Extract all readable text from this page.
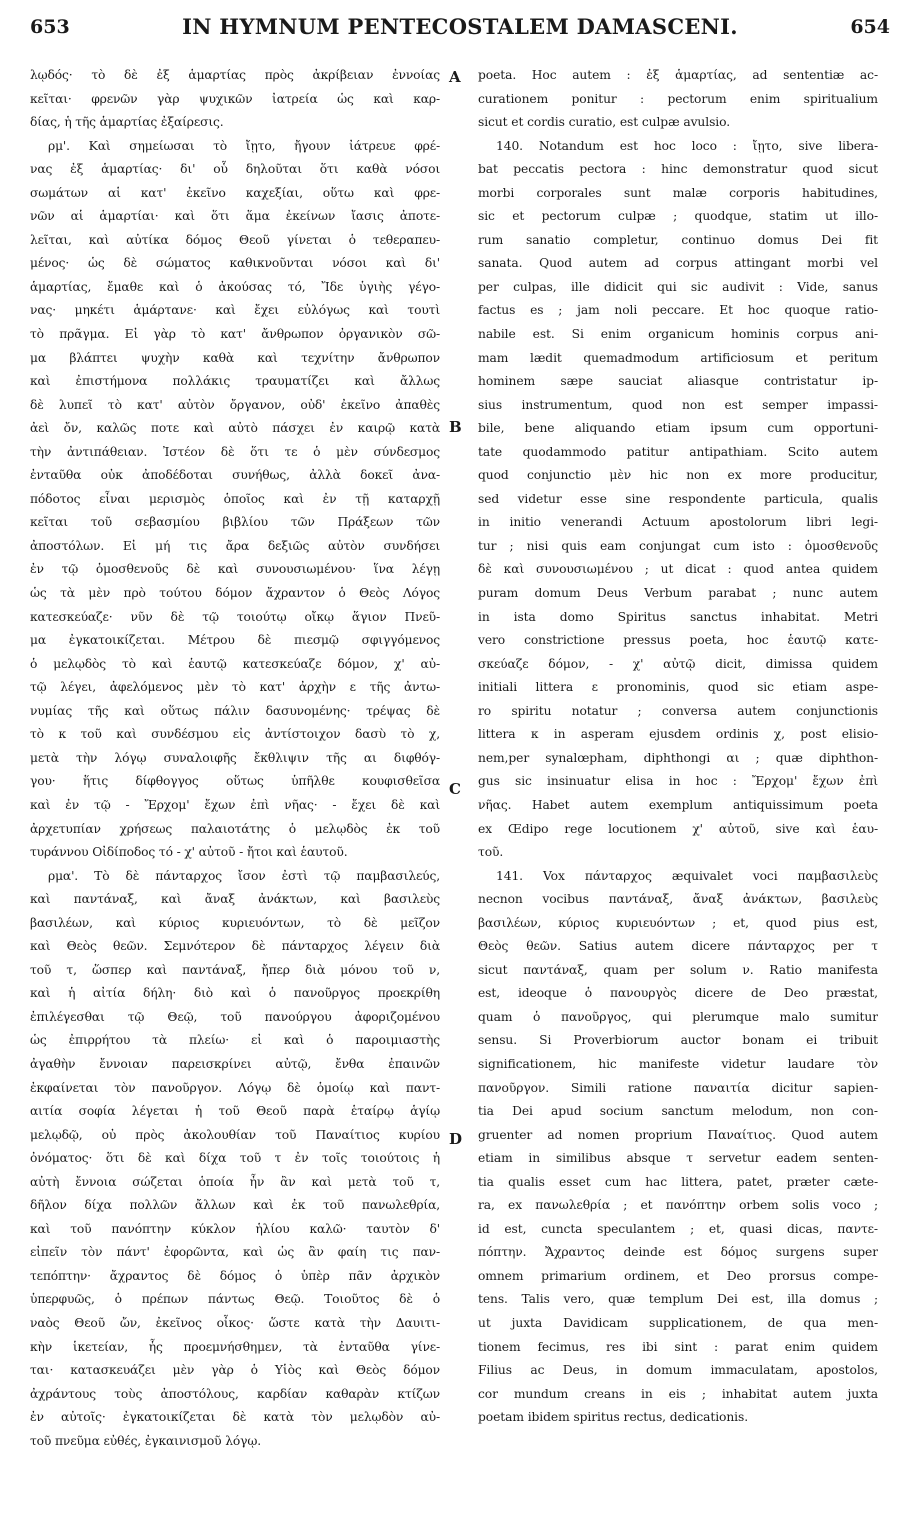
653	IN HYMNUM PENTECOSTALEM DAMASCENI.	654
λῳδός· τὸ δὲ ἐξ ἁμαρτίας πρὸς ἀκρίβειαν ἐννοίας
κεῖται· φρενῶν γὰρ ψυχικῶν ἰατρεία ὡς καὶ καρ-
δίας, ἡ τῆς ἁμαρτίας ἐξαίρεσις.
ρμ'. Καὶ σημείωσαι τὸ ἴῃτο, ἤγουν ἰάτρευε φρέ-
νας ἐξ ἁμαρτίας· δι' οὗ δηλοῦται ὅτι καθὰ νόσοι
σωμάτων αἱ κατ' ἐκεῖνο καχεξίαι, οὕτω καὶ φρε-
νῶν αἱ ἁμαρτίαι· καὶ ὅτι ἅμα ἐκείνων ἴασις ἀποτε-
λεῖται, καὶ αὐτίκα δόμος Θεοῦ γίνεται ὁ τεθεραπευ-
μένος· ὡς δὲ σώματος καθικνοῦνται νόσοι καὶ δι'
ἁμαρτίας, ἔμαθε καὶ ὁ ἀκούσας τό, Ἴδε ὑγιὴς γέγο-
νας· μηκέτι ἁμάρτανε· καὶ ἔχει εὐλόγως καὶ τουτὶ
τὸ πρᾶγμα. Εἰ γὰρ τὸ κατ' ἄνθρωπον ὀργανικὸν σῶ-
μα βλάπτει ψυχὴν καθὰ καὶ τεχνίτην ἄνθρωπον
καὶ ἐπιστήμονα πολλάκις τραυματίζει καὶ ἄλλως
δὲ λυπεῖ τὸ κατ' αὐτὸν ὄργανον, οὐδ' ἐκεῖνο ἀπαθὲς
ἀεὶ ὄν, καλῶς ποτε καὶ αὐτὸ πάσχει ἐν καιρῷ κατὰ
τὴν ἀντιπάθειαν. Ἰστέον δὲ ὅτι τε ὁ μὲν σύνδεσμος
ἐνταῦθα οὐκ ἀποδέδοται συνήθως, ἀλλὰ δοκεῖ ἀνα-
πόδοτος εἶναι μερισμὸς ὁποῖος καὶ ἐν τῇ καταρχῇ
κεῖται τοῦ σεβασμίου βιβλίου τῶν Πράξεων τῶν
ἀποστόλων. Εἰ μή τις ἄρα δεξιῶς αὐτὸν συνδήσει
ἐν τῷ ὁμοσθενοῦς δὲ καὶ συνουσιωμένου· ἵνα λέγῃ
ὡς τὰ μὲν πρὸ τούτου δόμον ἄχραντον ὁ Θεὸς Λόγος
κατεσκεύαζε· νῦν δὲ τῷ τοιούτῳ οἴκῳ ἅγιον Πνεῦ-
μα ἐγκατοικίζεται. Μέτρου δὲ πιεσμῷ σφιγγόμενος
ὁ μελῳδὸς τὸ καὶ ἑαυτῷ κατεσκεύαζε δόμον, χ' αὐ-
τῷ λέγει, ἀφελόμενος μὲν τὸ κατ' ἀρχὴν ε τῆς ἀντω-
νυμίας τῆς καὶ οὕτως πάλιν δασυνομένης· τρέψας δὲ
τὸ κ τοῦ καὶ συνδέσμου εἰς ἀντίστοιχον δασὺ τὸ χ,
μετὰ τὴν λόγῳ συναλοιφῆς ἔκθλιψιν τῆς αι διφθόγ-
γου· ἥτις δίφθογγος οὕτως ὑπῆλθε κουφισθεῖσα
καὶ ἐν τῷ - Ἔρχομ' ἔχων ἐπὶ νῆας· - ἔχει δὲ καὶ
ἀρχετυπίαν χρήσεως παλαιοτάτης ὁ μελῳδὸς ἐκ τοῦ
τυράννου Οἰδίποδος τό - χ' αὐτοῦ - ἤτοι καὶ ἑαυτοῦ.
ρμα'. Τὸ δὲ πάνταρχος ἴσον ἐστὶ τῷ παμβασιλεύς,
καὶ παντάναξ, καὶ ἄναξ ἀνάκτων, καὶ βασιλεὺς
βασιλέων, καὶ κύριος κυριευόντων, τὸ δὲ μεῖζον
καὶ Θεὸς θεῶν. Σεμνότερον δὲ πάνταρχος λέγειν διὰ
τοῦ τ, ὥσπερ καὶ παντάναξ, ἤπερ διὰ μόνου τοῦ ν,
καὶ ἡ αἰτία δήλη· διὸ καὶ ὁ πανοῦργος προεκρίθη
ἐπιλέγεσθαι τῷ Θεῷ, τοῦ πανούργου ἀφοριζομένου
ὡς ἐπιρρήτου τὰ πλείω· εἰ καὶ ὁ παροιμιαστὴς
ἀγαθὴν ἔννοιαν παρεισκρίνει αὐτῷ, ἔνθα ἐπαινῶν
ἐκφαίνεται τὸν πανοῦργον. Λόγῳ δὲ ὁμοίῳ καὶ παντ-
αιτία σοφία λέγεται ἡ τοῦ Θεοῦ παρὰ ἑταίρῳ ἁγίῳ
μελῳδῷ, οὐ πρὸς ἀκολουθίαν τοῦ Παναίτιος κυρίου
ὀνόματος· ὅτι δὲ καὶ δίχα τοῦ τ ἐν τοῖς τοιούτοις ἡ
αὐτὴ ἔννοια σώζεται ὁποία ἦν ἂν καὶ μετὰ τοῦ τ,
δῆλον δίχα πολλῶν ἄλλων καὶ ἐκ τοῦ πανωλεθρία,
καὶ τοῦ πανόπτην κύκλον ἡλίου καλῶ· ταυτὸν δ'
εἰπεῖν τὸν πάντ' ἐφορῶντα, καὶ ὡς ἂν φαίη τις παν-
τεπόπτην· ἄχραντος δὲ δόμος ὁ ὑπὲρ πᾶν ἀρχικὸν
ὑπερφυῶς, ὁ πρέπων πάντως Θεῷ. Τοιοῦτος δὲ ὁ
ναὸς Θεοῦ ὤν, ἐκεῖνος οἶκος· ὥστε κατὰ τὴν Δαυιτι-
κὴν ἱκετείαν, ἧς προεμνήσθημεν, τὰ ἐνταῦθα γίνε-
ται· κατασκευάζει μὲν γὰρ ὁ Υἱὸς καὶ Θεὸς δόμον
ἀχράντους τοὺς ἀποστόλους, καρδίαν καθαρὰν κτίζων
ἐν αὐτοῖς· ἐγκατοικίζεται δὲ κατὰ τὸν μελῳδὸν αὐ-
τοῦ πνεῦμα εὐθές, ἐγκαινισμοῦ λόγῳ.
poeta. Hoc autem : ἐξ ἁμαρτίας, ad sententiæ ac-
curationem ponitur : pectorum enim spiritualium
sicut et cordis curatio, est culpæ avulsio.
140. Notandum est hoc loco : ἴῃτο, sive libera-
bat peccatis pectora : hinc demonstratur quod sicut
morbi corporales sunt malæ corporis habitudines,
sic et pectorum culpæ ; quodque, statim ut illo-
rum sanatio completur, continuo domus Dei fit
sanata. Quod autem ad corpus attingant morbi vel
per culpas, ille didicit qui sic audivit : Vide, sanus
factus es ; jam noli peccare. Et hoc quoque ratio-
nabile est. Si enim organicum hominis corpus ani-
mam lædit quemadmodum artificiosum et peritum
hominem sæpe sauciat aliasque contristatur ip-
sius instrumentum, quod non est semper impassi-
bile, bene aliquando etiam ipsum cum opportuni-
tate quodammodo patitur antipathiam. Scito autem
quod conjunctio μὲν hic non ex more producitur,
sed videtur esse sine respondente particula, qualis
in initio venerandi Actuum apostolorum libri legi-
tur ; nisi quis eam conjungat cum isto : ὁμοσθενοῦς
δὲ καὶ συνουσιωμένου ; ut dicat : quod antea quidem
puram domum Deus Verbum parabat ; nunc autem
in ista domo Spiritus sanctus inhabitat. Metri
vero constrictione pressus poeta, hoc ἑαυτῷ κατε-
σκεύαζε δόμον, - χ' αὐτῷ dicit, dimissa quidem
initiali littera ε pronominis, quod sic etiam aspe-
ro spiritu notatur ; conversa autem conjunctionis
littera κ in asperam ejusdem ordinis χ, post elisio-
nem,per synalœpham, diphthongi αι ; quæ diphthon-
gus sic insinuatur elisa in hoc : Ἔρχομ' ἔχων ἐπὶ
νῆας. Habet autem exemplum antiquissimum poeta
ex Œdipo rege locutionem χ' αὐτοῦ, sive καὶ ἑαυ-
τοῦ.
141. Vox πάνταρχος æquivalet voci παμβασιλεὺς
necnon vocibus παντάναξ, ἄναξ ἀνάκτων, βασιλεὺς
βασιλέων, κύριος κυριευόντων ; et, quod pius est,
Θεὸς θεῶν. Satius autem dicere πάνταρχος per τ
sicut παντάναξ, quam per solum ν. Ratio manifesta
est, ideoque ὁ πανουργὸς dicere de Deo præstat,
quam ὁ πανοῦργος, qui plerumque malo sumitur
sensu. Si Proverbiorum auctor bonam ei tribuit
significationem, hic manifeste videtur laudare τὸν
πανοῦργον. Simili ratione παναιτία dicitur sapien-
tia Dei apud socium sanctum melodum, non con-
gruenter ad nomen proprium Παναίτιος. Quod autem
etiam in similibus absque τ servetur eadem senten-
tia qualis esset cum hac littera, patet, præter cæte-
ra, ex πανωλεθρία ; et πανόπτην orbem solis voco ;
id est, cuncta speculantem ; et, quasi dicas, παντε-
πόπτην. Ἄχραντος deinde est δόμος surgens super
omnem primarium ordinem, et Deo prorsus compe-
tens. Talis vero, quæ templum Dei est, illa domus ;
ut juxta Davidicam supplicationem, de qua men-
tionem fecimus, res ibi sint : parat enim quidem
Filius ac Deus, in domum immaculatam, apostolos,
cor mundum creans in eis ; inhabitat autem juxta
poetam ibidem spiritus rectus, dedicationis.
A
B
C
D
